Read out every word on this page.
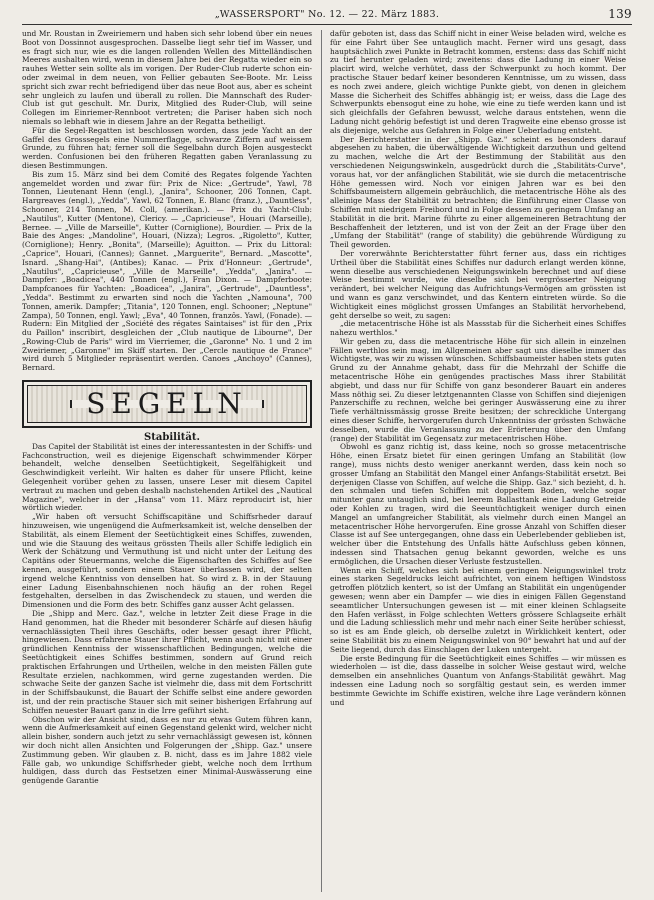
„WASSERSPORT" No. 12. — 22. März 1883.	139

und Mr. Roustan in Zweiriemern und haben sich sehr lobend über ein neues Boot von Dossinnot ausgesprochen. Dasselbe liegt sehr tief im Wasser, und es fragt sich nur, wie es die langen rollenden Wellen des Mittelländischen Meeres aushalten wird, wenn in diesem Jahre bei der Regatta wieder ein so rauhes Wetter sein sollte als im vorigen. Der Ruder-Club ruderte schon ein- oder zweimal in dem neuen, von Fellier gebauten See-Boote. Mr. Leiss spricht sich zwar recht befriedigend über das neue Boot aus, aber es scheint sehr ungleich zu laufen und überall zu rollen. Die Mannschaft des Ruder-Club ist gut geschult. Mr. Durix, Mitglied des Ruder-Club, will seine Collegen im Einriemer-Rennboot vertreten; die Pariser haben sich noch niemals so lebhaft wie in diesem Jahre an der Regatta betheiligt.

Für die Segel-Regatten ist beschlossen worden, dass jede Yacht an der Gaffel des Grosssegels eine Nummerflagge, schwarze Ziffern auf weissem Grunde, zu führen hat; ferner soll die Segelbahn durch Bojen ausgesteckt werden. Confusionen bei den früheren Regatten gaben Veranlassung zu diesen Bestimmungen.

Bis zum 15. März sind bei dem Comité des Regates folgende Yachten angemeldet worden und zwar für: Prix de Nice: „Gertrude", Yawl, 78 Tonnen, Lieutenant Henn (engl.), „Janira", Schooner, 206 Tonnen, Capt. Hargreaves (engl.), „Yedda", Yawl, 62 Tonnen, E. Blanc (franz.), „Dauntless", Schooner, 214 Tonnen, M. Coll, (amerikan.). — Prix du Yacht-Club: „Nautilus", Kutter (Mentone), Clericy. — „Capricieuse", Houari (Marseille), Bernee. — „Ville de Marseille", Kutter (Corniglione), Bourdier. — Prix de la Baie des Anges: „Mandoline", Houari, (Nizza); Legros. „Rigoletto", Kutter, (Corniglione); Henry. „Bonita", (Marseille); Aguitton. — Prix du Littoral: „Caprice", Houari, (Cannes); Gannet. „Marguerite", Bernard. „Mascotte", Isnard. „Shang-Hai", (Antibes); Kanac. — Prix d'Honneur: „Gertrude", „Nautilus", „Capricieuse", „Ville de Marseille", „Yedda", „Janira". — Dampfer: „Boadicea", 440 Tonnen (engl.), Fran Dixon. — Dampferboote: Dampfcanoes für Yachten: „Boadicea", „Janira", „Gertrude", „Dauntless", „Yedda". Bestimmt zu erwarten sind noch die Yachten „Namouna", 700 Tonnen, amerik. Dampfer; „Titania", 120 Tonnen, engl. Schooner; „Neptune" Zampa), 50 Tonnen, engl. Yawl; „Eva", 40 Tonnen, franzôs. Yawl, (Fonade). — Rudern: Ein Mitglied der „Société des régates Saintaises" ist für den „Prix du Paillon" inscribirt, desgleichen der „Club nautique de Libourne", Der „Rowing-Club de Paris" wird im Vierriemer, die „Garonne" No. 1 und 2 im Zweiriemer, „Garonne" im Skiff starten. Der „Cercle nautique de France" wird durch 5 Mitglieder repräsentirt werden. Canoes „Anchoyo" (Cannes), Bernard.

SEGELN

Stabilität.

Das Capitel der Stabilität ist eines der interessantesten in der Schiffs- und Fachconstruction, weil es diejenige Eigenschaft schwimmender Körper behandelt, welche denselben Seetüchtigkeit, Segelfähigkeit und Geschwindigkeit verleiht. Wir halten es daher für unsere Pflicht, keine Gelegenheit vorüber gehen zu lassen, unsere Leser mit diesem Capitel vertraut zu machen und geben deshalb nachstehenden Artikel des „Nautical Magazine", welcher in der „Hansa" vom 11. März reproducirt ist, hier wörtlich wieder.

„Wir haben oft versucht Schiffscapitäne und Schiffsrheder darauf hinzuweisen, wie ungenügend die Aufmerksamkeit ist, welche denselben der Stabilität, als einem Element der Seetüchtigkeit eines Schiffes, zuwenden, und wie die Stauung des weitaus grössten Theils aller Schiffe lediglich ein Werk der Schätzung und Vermuthung ist und nicht unter der Leitung des Capitäns oder Steuermanns, welche die Eigenschaften des Schiffes auf See kennen, ausgeführt, sondern einem Stauer überlassen wird, der selten irgend welche Kenntniss von denselben hat. So wird z. B. in der Stauung einer Ladung Eisenbahnschienen noch häufig an der rohen Regel festgehalten, derselben in das Zwischendeck zu stauen, und werden die Dimensionen und die Form des betr. Schiffes ganz ausser Acht gelassen.

Die „Shipp and Merc. Gaz.", welche in letzter Zeit diese Frage in die Hand genommen, hat die Rheder mit besonderer Schärfe auf diesen häufig vernachlässigten Theil ihres Geschäfts, oder besser gesagt ihrer Pflicht, hingewiesen. Dass erfahrene Stauer ihrer Pflicht, wenn auch nicht mit einer gründlichen Kenntniss der wissenschaftlichen Bedingungen, welche die Seetüchtigkeit eines Schiffes bestimmen, sondern auf Grund reich praktischen Erfahrungen und Urtheilen, welche in den meisten Fällen gute Resultate erzielen, nachkommen, wird gerne zugestanden werden. Die schwache Seite der ganzen Sache ist vielmehr die, dass mit dem Fortschritt in der Schiffsbaukunst, die Bauart der Schiffe selbst eine andere geworden ist, und der rein practische Stauer sich mit seiner bisherigen Erfahrung auf Schiffen neuester Bauart ganz in die Irre geführt sieht.

Obschon wir der Ansicht sind, dass es nur zu etwas Gutem führen kann, wenn die Aufmerksamkeit auf einen Gegenstand gelenkt wird, welcher nicht allein bisher, sondern auch jetzt zu sehr vernachlässigt gewesen ist, können wir doch nicht allen Ansichten und Folgerungen der „Shipp. Gaz." unsere Zustimmung geben. Wir glauben z. B. nicht, dass es im Jahre 1882 viele Fälle gab, wo unkundige Schiffsrheder giebt, welche noch dem Irrthum huldigen, dass durch das Festsetzen einer Minimal-Auswässerung eine genügende Garantie

dafür geboten ist, dass das Schiff nicht in einer Weise beladen wird, welche es für eine Fahrt über See untauglich macht. Ferner wird uns gesagt, dass hauptsächlich zwei Punkte in Betracht kommen, erstens: dass das Schiff nicht zu tief herunter geladen wird; zweitens: dass die Ladung in einer Weise placirt wird, welche verhütet, dass der Schwerpunkt zu hoch kommt. Der practische Stauer bedarf keiner besonderen Kenntnisse, um zu wissen, dass es noch zwei andere, gleich wichtige Punkte giebt, von denen in gleichem Masse die Sicherheit des Schiffes abhängig ist; er weiss, dass die Lage des Schwerpunkts ebensogut eine zu hohe, wie eine zu tiefe werden kann und ist sich gleichfalls der Gefahren bewusst, welche daraus entstehen, wenn die Ladung nicht gehörig befestigt ist und deren Tragweite eine ebenso grosse ist als diejenige, welche aus Gefahren in Folge einer Ueberladung entsteht.

Der Berichterstatter in der „Shipp. Gaz." scheint es besonders darauf abgesehen zu haben, die überwältigende Wichtigkeit darzuthun und geltend zu machen, welche die Art der Bestimmung der Stabilität aus den verschiedenen Neigungswinkeln, ausgedrückt durch die „Stabilitäts-Curve", voraus hat, vor der anfänglichen Stabilität, wie sie durch die metacentrische Höhe gemessen wird. Noch vor einigen Jahren war es bei den Schiffsbaumeistern allgemein gebräuchlich, die metacentrische Höhe als des alleinige Mass der Stabilität zu betrachten; die Einführung einer Classe von Schiffen mit niedrigem Freibord und in Folge dessen zu geringem Umfang an Stabilität in die brit. Marine führte zu einer allgemeineren Betrachtung der Beschaffenheit der letzteren, und ist von der Zeit an der Frage über den „Umfang der Stabilität" (range of stability) die gebührende Würdigung zu Theil geworden.

Der vorerwähnte Berichterstatter führt ferner aus, dass ein richtiges Urtheil über die Stabilität eines Schiffes nur dadurch erlangt werden könne, wenn dieselbe aus verschiedenen Neigungswinkeln berechnet und auf diese Weise bestimmt wurde, wie dieselbe sich bei vergrösserter Neigung verändert, bei welcher Neigung das Aufrichtungs-Vermögen am grössten ist und wann es ganz verschwindet, und das Kentern eintreten würde. So die Wichtigkeit eines möglichst grossen Umfanges an Stabilität hervorhebend, geht derselbe so weit, zu sagen:

„die metacentrische Höhe ist als Massstab für die Sicherheit eines Schiffes nahezu werthlos."

Wir geben zu, dass die metacentrische Höhe für sich allein in einzelnen Fällen werthlos sein mag, im Allgemeinen aber sagt uns dieselbe immer das Wichtigste, was wir zu wissen wünschen. Schiffsbaumeister haben stets guten Grund zu der Annahme gehabt, dass für die Mehrzahl der Schiffe die metacentrische Höhe ein genügendes practisches Mass ihrer Stabilität abgiebt, und dass nur für Schiffe von ganz besonderer Bauart ein anderes Mass nöthig sei. Zu dieser letztgenannten Classe von Schiffen sind diejenigen Panzerschiffe zu rechnen, welche bei geringer Auswässerung eine zu ihrer Tiefe verhältnissmässig grosse Breite besitzen; der schreckliche Untergang eines dieser Schiffe, hervorgerufen durch Unkenntniss der grössten Schwäche desselben, wurde die Veranlassung zu der Erörterung über den Umfang (range) der Stabilität im Gegensatz zur metacentrischen Höhe.

Obwohl es ganz richtig ist, dass keine, noch so grosse metacentrische Höhe, einen Ersatz bietet für einen geringen Umfang an Stabilität (low range), muss nichts desto weniger anerkannt werden, dass kein noch so grosser Umfang an Stabilität den Mangel einer Anfangs-Stabilität ersetzt. Bei derjenigen Classe von Schiffen, auf welche die Shipp. Gaz." sich bezieht, d. h. den schmalen und tiefen Schiffen mit doppeltem Boden, welche sogar mitunter ganz untauglich sind, bei leerem Ballasttank eine Ladung Getreide oder Kohlen zu tragen, wird die Seeuntüchtigkeit weniger durch einen Mangel an umfangreicher Stabilität, als vielmehr durch einen Mangel an metacentrischer Höhe hervorgerufen. Eine grosse Anzahl von Schiffen dieser Classe ist auf See untergegangen, ohne dass ein Ueberlebender geblieben ist, welcher über die Entstehung des Unfalls hätte Aufschluss geben können, indessen sind Thatsachen genug bekannt geworden, welche es uns ermöglichen, die Ursachen dieser Verluste festzustellen.

Wenn ein Schiff, welches sich bei einem geringen Neigungswinkel trotz eines starken Segeldrucks leicht aufrichtet, von einem heftigen Windstoss getroffen plötzlich kentert, so ist der Umfang an Stabilität ein ungenügender gewesen; wenn aber ein Dampfer — wie dies in einigen Fällen Gegenstand seeamtlicher Untersuchungen gewesen ist — mit einer kleinen Schlagseite den Hafen verlässt, in Folge schlechten Wetters grössere Schlagseite erhält und die Ladung schliesslich mehr und mehr nach einer Seite herüber schiesst, so ist es am Ende gleich, ob derselbe zuletzt in Wirklichkeit kentert, oder seine Stabilität bis zu einem Neigungswinkel von 90° bewahrt hat und auf der Seite liegend, durch das Einschlagen der Luken untergeht.

Die erste Bedingung für die Seetüchtigkeit eines Schiffes — wir müssen es wiederholen — ist die, dass dasselbe in solcher Weise gestaut wird, welche demselben ein ansehnliches Quantum von Anfangs-Stabilität gewährt. Mag indessen eine Ladung noch so sorgfältig gestaut sein, es werden immer bestimmte Gewichte im Schiffe existiren, welche ihre Lage verändern können und
